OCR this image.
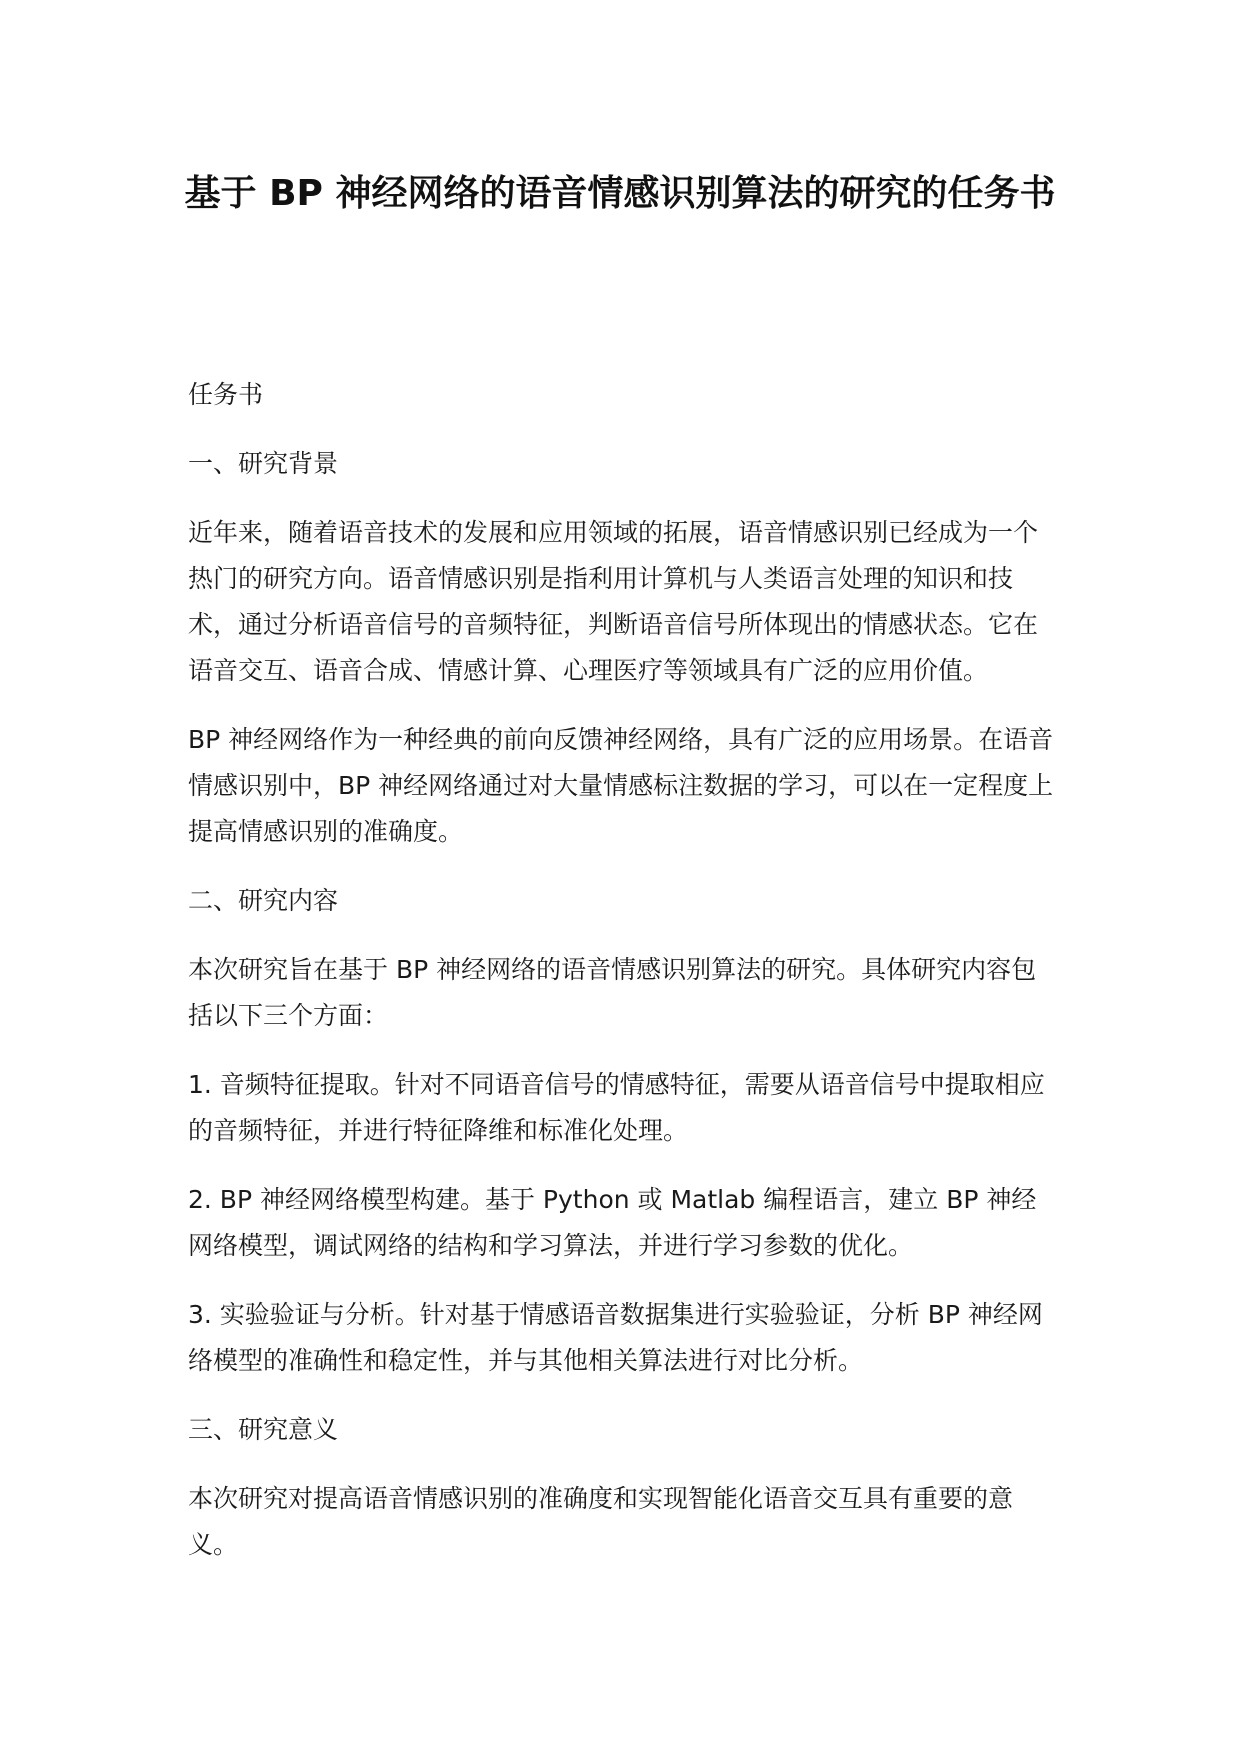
基于 BP 神经网络的语音情感识别算法的研究的任务书

任务书

一、研究背景

近年来，随着语音技术的发展和应用领域的拓展，语音情感识别已经成为一个热门的研究方向。语音情感识别是指利用计算机与人类语言处理的知识和技术，通过分析语音信号的音频特征，判断语音信号所体现出的情感状态。它在语音交互、语音合成、情感计算、心理医疗等领域具有广泛的应用价值。

BP 神经网络作为一种经典的前向反馈神经网络，具有广泛的应用场景。在语音情感识别中，BP 神经网络通过对大量情感标注数据的学习，可以在一定程度上提高情感识别的准确度。

二、研究内容

本次研究旨在基于 BP 神经网络的语音情感识别算法的研究。具体研究内容包括以下三个方面：

1. 音频特征提取。针对不同语音信号的情感特征，需要从语音信号中提取相应的音频特征，并进行特征降维和标准化处理。

2. BP 神经网络模型构建。基于 Python 或 Matlab 编程语言，建立 BP 神经网络模型，调试网络的结构和学习算法，并进行学习参数的优化。

3. 实验验证与分析。针对基于情感语音数据集进行实验验证，分析 BP 神经网络模型的准确性和稳定性，并与其他相关算法进行对比分析。

三、研究意义

本次研究对提高语音情感识别的准确度和实现智能化语音交互具有重要的意义。
